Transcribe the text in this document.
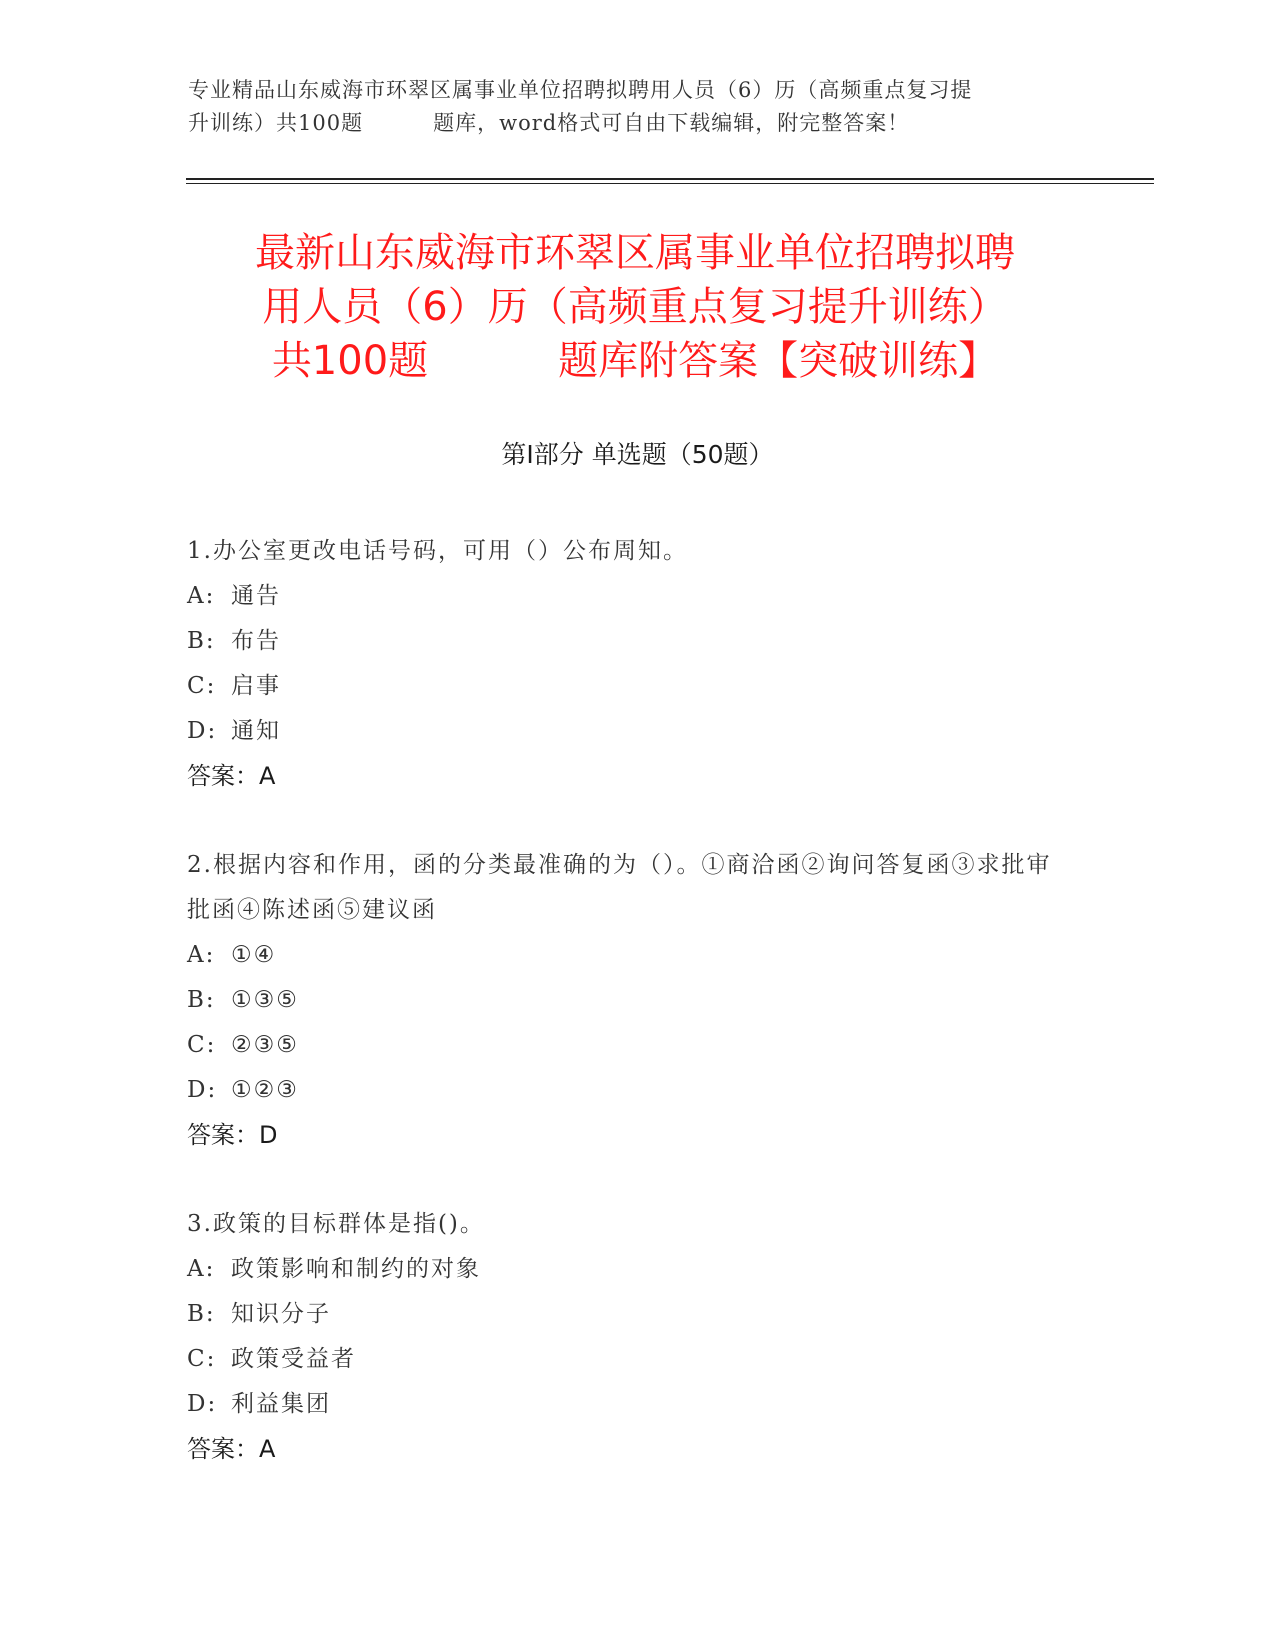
专业精品山东威海市环翠区属事业单位招聘拟聘用人员（6）历（高频重点复习提
升训练）共100题	题库，word格式可自由下载编辑，附完整答案！
最新山东威海市环翠区属事业单位招聘拟聘
用人员（6）历（高频重点复习提升训练）
共100题	题库附答案【突破训练】
第I部分 单选题（50题）
1.办公室更改电话号码，可用（）公布周知。
A: 通告
B: 布告
C: 启事
D: 通知
答案：A
2.根据内容和作用，函的分类最准确的为（）。①商洽函②询问答复函③求批审批函④陈述函⑤建议函
A: ①④
B: ①③⑤
C: ②③⑤
D: ①②③
答案：D
3.政策的目标群体是指()。
A: 政策影响和制约的对象
B: 知识分子
C: 政策受益者
D: 利益集团
答案：A
